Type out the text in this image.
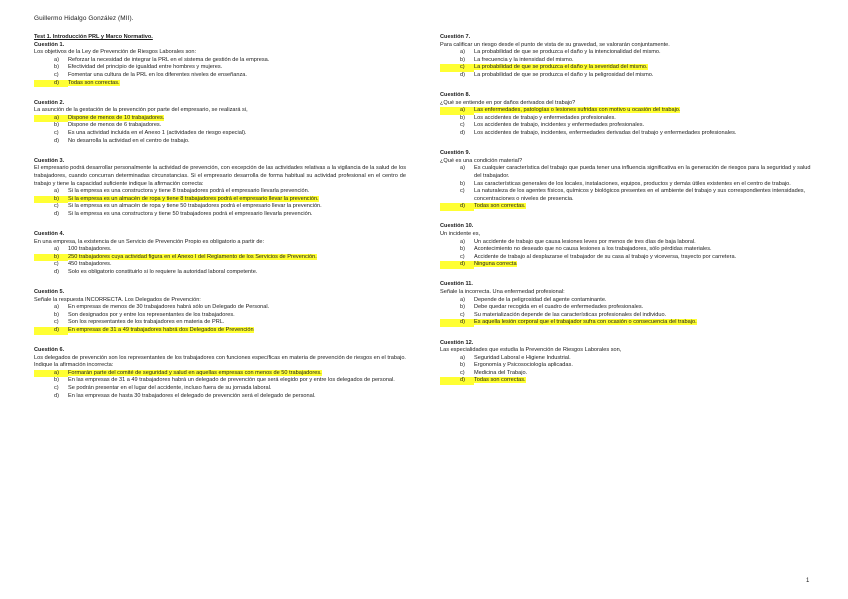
Guillermo Hidalgo González (MII).
Test 1. Introducción PRL y Marco Normativo.
Cuestión 1.
Los objetivos de la Ley de Prevención de Riesgos Laborales son:
a)	Reforzar la necesidad de integrar la PRL en el sistema de gestión de la empresa.
b)	Efectividad del principio de igualdad entre hombres y mujeres.
c)	Fomentar una cultura de la PRL en los diferentes niveles de enseñanza.
d)	Todas son correctas.
Cuestión 2.
La asunción de la gestación de la prevención por parte del empresario, se realizará si,
a)	Dispone de menos de 10 trabajadores.
b)	Dispone de menos de 6 trabajadores.
c)	Es una actividad incluida en el Anexo 1 (actividades de riesgo especial).
d)	No desarrolla la actividad en el centro de trabajo.
Cuestión 3.
El empresario podrá desarrollar personalmente la actividad de prevención, con excepción de las actividades relativas a la vigilancia de la salud de los trabajadores, cuando concurran determinadas circunstancias. Si el empresario desarrolla de forma habitual su actividad profesional en el centro de trabajo y tiene la capacidad suficiente indique la afirmación correcta:
a)	Si la empresa es una constructora y tiene 8 trabajadores podrá el empresario llevarla prevención.
b)	Si la empresa es un almacén de ropa y tiene 8 trabajadores podrá el empresario llevar la prevención.
c)	Si la empresa es un almacén de ropa y tiene 50 trabajadores podrá el empresario llevar la prevención.
d)	Si la empresa es una constructora y tiene 50 trabajadores podrá el empresario llevarla prevención.
Cuestión 4.
En una empresa, la existencia de un Servicio de Prevención Propio es obligatorio a partir de:
a)	100 trabajadores.
b)	250 trabajadores cuya actividad figura en el Anexo I del Reglamento de los Servicios de Prevención.
c)	450 trabajadores.
d)	Solo es obligatorio constituirlo si lo requiere la autoridad laboral competente.
Cuestión 5.
Señale la respuesta INCORRECTA. Los Delegados de Prevención:
a)	En empresas de menos de 30 trabajadores habrá sólo un Delegado de Personal.
b)	Son designados por y entre los representantes de los trabajadores.
c)	Son los representantes de los trabajadores en materia de PRL.
d)	En empresas de 31 a 49 trabajadores habrá dos Delegados de Prevención
Cuestión 6.
Los delegados de prevención son los representantes de los trabajadores con funciones específicas en materia de prevención de riesgos en el trabajo. Indique la afirmación incorrecta:
a)	Formarán parte del comité de seguridad y salud en aquellas empresas con menos de 50 trabajadores.
b)	En las empresas de 31 a 49 trabajadores habrá un delegado de prevención que será elegido por y entre los delegados de personal.
c)	Se podrán presentar en el lugar del accidente, incluso fuera de su jornada laboral.
d)	En las empresas de hasta 30 trabajadores el delegado de prevención será el delegado de personal.
Cuestión 7.
Para calificar un riesgo desde el punto de vista de su gravedad, se valorarán conjuntamente.
a)	La probabilidad de que se produzca el daño y la intencionalidad del mismo.
b)	La frecuencia y la intensidad del mismo.
c)	La probabilidad de que se produzca el daño y la severidad del mismo.
d)	La probabilidad de que se produzca el daño y la peligrosidad del mismo.
Cuestión 8.
¿Qué se entiende en por daños derivados del trabajo?
a)	Las enfermedades, patologías o lesiones sufridas con motivo u ocasión del trabajo.
b)	Los accidentes de trabajo y enfermedades profesionales.
c)	Los accidentes de trabajo, incidentes y enfermedades profesionales.
d)	Los accidentes de trabajo, incidentes, enfermedades derivadas del trabajo y enfermedades profesionales.
Cuestión 9.
¿Qué es una condición material?
a)	Es cualquier característica del trabajo que pueda tener una influencia significativa en la generación de riesgos para la seguridad y salud del trabajador.
b)	Las características generales de los locales, instalaciones, equipos, productos y demás útiles existentes en el centro de trabajo.
c)	La naturaleza de los agentes físicos, químicos y biológicos presentes en el ambiente del trabajo y sus correspondientes intensidades, concentraciones o niveles de presencia.
d)	Todas son correctas.
Cuestión 10.
Un incidente es,
a)	Un accidente de trabajo que causa lesiones leves por menos de tres días de baja laboral.
b)	Acontecimiento no deseado que no causa lesiones a los trabajadores, sólo pérdidas materiales.
c)	Accidente de trabajo al desplazarse el trabajador de su casa al trabajo y viceversa, trayecto por carretera.
d)	Ninguna correcta
Cuestión 11.
Señale la incorrecta. Una enfermedad profesional:
a)	Depende de la peligrosidad del agente contaminante.
b)	Debe quedar recogida en el cuadro de enfermedades profesionales.
c)	Su materialización depende de las características profesionales del individuo.
d)	Es aquella lesión corporal que el trabajador sufra con ocasión o consecuencia del trabajo.
Cuestión 12.
Las especialidades que estudia la Prevención de Riesgos Laborales son,
a)	Seguridad Laboral e Higiene Industrial.
b)	Ergonomía y Psicosociología aplicadas.
c)	Medicina del Trabajo.
d)	Todas son correctas.
1
